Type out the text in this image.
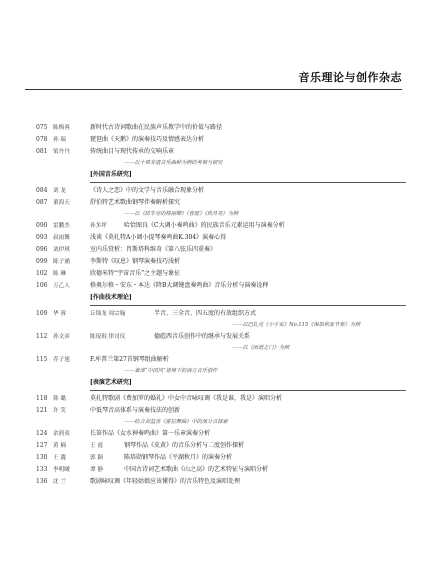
音乐理论与创作杂志
075 陈梅蓉	新时代古诗词歌曲在民族声乐教学中的价值与路径
078 孙 瑞	琵琶曲《天鹅》的演奏技巧及情感表达分析
081 梁丹丹	传统曲目与现代传承的交响乐章
——以十项非遗音乐曲种为例的考察与研究
[外国音乐研究]
084 刘 龙	《诗人之恋》中的文学与音乐融合现象分析
087 董海天	舒伯特艺术歌曲钢琴伴奏解析探究
——以《纺车旁的格丽卿》《春愿》《致月亮》为例
090 雷鹏杰	孙多坪	哈恰图良《C大调小奏鸣曲》的民族音乐元素运用与演奏分析
093 叔雨馨	浅谈《莫扎特A小调小提琴奏鸣曲K.304》演奏心得
096 刘伊琪	室内乐赏析：肖斯塔科维奇《第八弦乐四重奏》
099 陈子涵	李斯特《叹息》钢琴演奏技巧浅析
102 陈 琳	欣德米特“宇宙音乐”之主题与象征
106 万乙人	格奥尔格・安东・本达《降B大调键盘奏鸣曲》音乐分析与演奏诠释
[作曲技术理论]
109 华 蓉	丘锦龙 周宗翰	半音、三全音、四五度的有效组织方式
——以巴扎克《小宇宙》No.115《保加利亚节奏》为例
112 孙文彦	陈琨琨 律司仪	德彪西音乐创作中的继承与发展关系
——以《雨谱之门》为例
115 乔子旭	F.库普兰第27首钢琴组曲解析
——兼谈“中国风”语境下的西方音乐创作
[表演艺术研究]
118 韩 璐	莫扎特歌剧《费加罗的婚礼》中女中音咏叹调《我是谁，我是》演唱分析
121 许 笑	中低琴音高体系与演奏技法的创新
——结合刘益善《霍拉舞曲》中的演分音探索
124 余润夷	长笛作品《女水神奏鸣曲》第一乐章演奏分析
127 黄 楠	王 霞	钢琴作品《皮黄》的音乐分析与二度创作探析
130 王 鑫	郭 颖	陈培勋钢琴作品《平湖秋月》的演奏分析
133 李明曦	谭 静	中国古诗词艺术歌曲《山之高》的艺术特征与演唱分析
136 沈 兰	歌剧咏叹调《年轻姑娘应该懂得》的音乐特色及演唱处理
